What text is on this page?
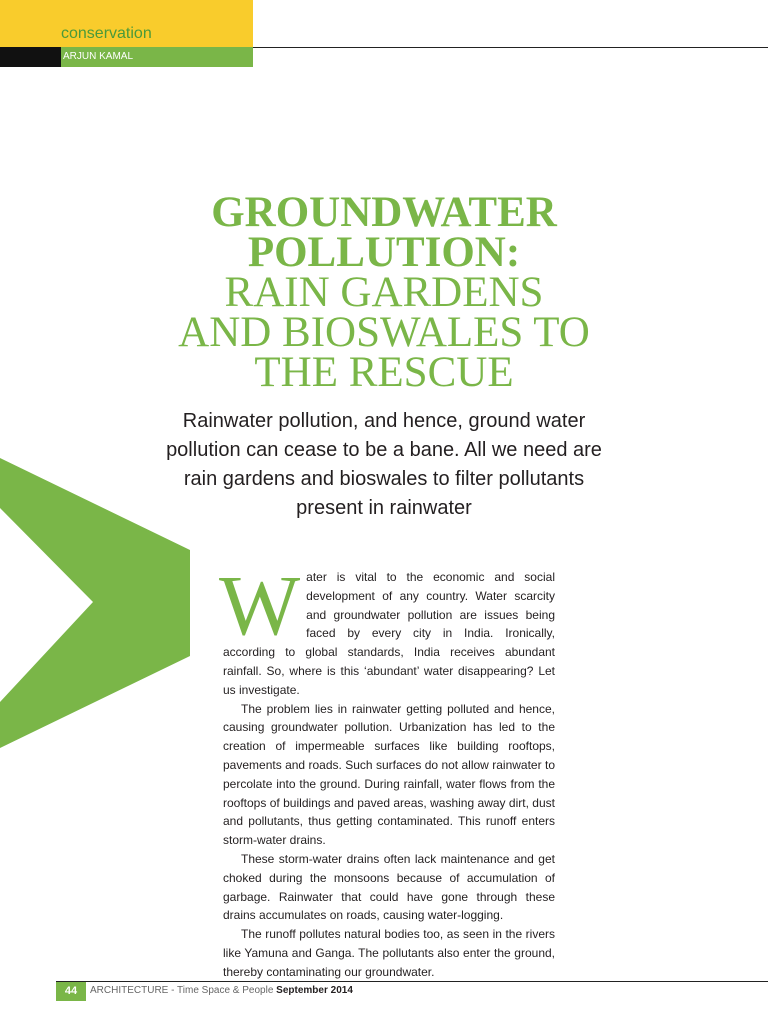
conservation
ARJUN KAMAL
GROUNDWATER
POLLUTION:
RAIN GARDENS
AND BIOSWALES TO
THE RESCUE
Rainwater pollution, and hence, ground water pollution can cease to be a bane. All we need are rain gardens and bioswales to filter pollutants present in rainwater
W ater is vital to the economic and social development of any country. Water scarcity and groundwater pollution are issues being faced by every city in India. Ironically, according to global standards, India receives abundant rainfall. So, where is this ‘abundant’ water disappearing? Let us investigate.

The problem lies in rainwater getting polluted and hence, causing groundwater pollution. Urbanization has led to the creation of impermeable surfaces like building rooftops, pavements and roads. Such surfaces do not allow rainwater to percolate into the ground. During rainfall, water flows from the rooftops of buildings and paved areas, washing away dirt, dust and pollutants, thus getting contaminated. This runoff enters storm-water drains.

These storm-water drains often lack maintenance and get choked during the monsoons because of accumulation of garbage. Rainwater that could have gone through these drains accumulates on roads, causing water-logging.

The runoff pollutes natural bodies too, as seen in the rivers like Yamuna and Ganga. The pollutants also enter the ground, thereby contaminating our groundwater.

44	ARCHITECTURE - Time Space & People September 2014
